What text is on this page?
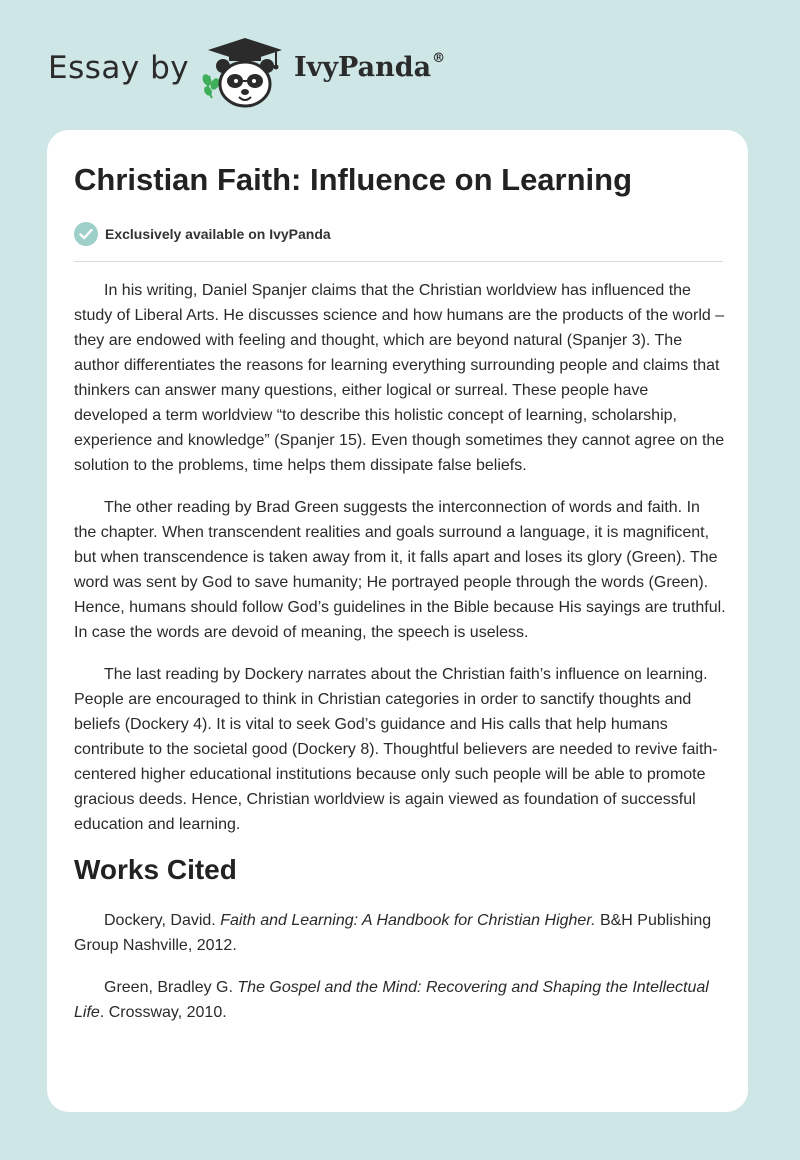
Essay by	IvyPanda®
Christian Faith: Influence on Learning
Exclusively available on IvyPanda

In his writing, Daniel Spanjer claims that the Christian worldview has influenced the study of Liberal Arts. He discusses science and how humans are the products of the world – they are endowed with feeling and thought, which are beyond natural (Spanjer 3). The author differentiates the reasons for learning everything surrounding people and claims that thinkers can answer many questions, either logical or surreal. These people have developed a term worldview “to describe this holistic concept of learning, scholarship, experience and knowledge” (Spanjer 15). Even though sometimes they cannot agree on the solution to the problems, time helps them dissipate false beliefs.

The other reading by Brad Green suggests the interconnection of words and faith. In the chapter. When transcendent realities and goals surround a language, it is magnificent, but when transcendence is taken away from it, it falls apart and loses its glory (Green). The word was sent by God to save humanity; He portrayed people through the words (Green). Hence, humans should follow God’s guidelines in the Bible because His sayings are truthful. In case the words are devoid of meaning, the speech is useless.

The last reading by Dockery narrates about the Christian faith’s influence on learning. People are encouraged to think in Christian categories in order to sanctify thoughts and beliefs (Dockery 4). It is vital to seek God’s guidance and His calls that help humans contribute to the societal good (Dockery 8). Thoughtful believers are needed to revive faith-centered higher educational institutions because only such people will be able to promote gracious deeds. Hence, Christian worldview is again viewed as foundation of successful education and learning.

Works Cited

Dockery, David. Faith and Learning: A Handbook for Christian Higher. B&H Publishing Group Nashville, 2012.

Green, Bradley G. The Gospel and the Mind: Recovering and Shaping the Intellectual Life. Crossway, 2010.
